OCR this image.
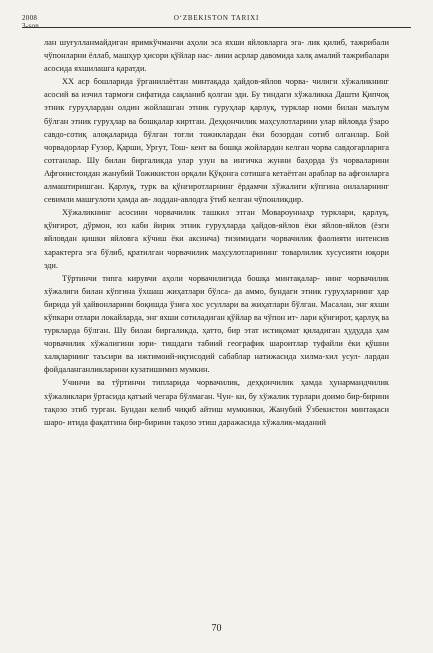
2008
3-son
O‘ZBEKISTON TARIXI

лан шуғулланмайдиган яримкўчманчи аҳоли эса яхши яйловларга эга- лик қилиб, тажрибали чўпонларни ёллаб, машҳур ҳисори қўйлар нас- лини асрлар давомида халқ амалий тажрибалари асосида яхшилашга қаратди.

XX аср бошларида ўрганилаётган минтақада ҳайдов-яйлов чорва- чилиги хўжаликнинг асосий ва изчил тармоғи сифатида сақланиб қолган эди. Бу тиндаги хўжаликка Дашти Қипчоқ этник гуруҳлардан олдин жойлашган этник гуруҳлар қарлуқ, турклар номи билан маълум бўлган этник гуруҳлар ва бошқалар киртган. Деҳқончилик маҳсулотларини улар яйловда ўзаро савдо-сотиқ алоқаларида бўлган тоғли тожиклардан ёки бозордан сотиб олганлар. Бой чорвадорлар Ғузор, Қарши, Ургут, Тош- кент ва бошқа жойлардан келган чорва савдогарларига сотганлар. Шу билан биргаликда улар узун ва ингичка жунни баҳорда ўз чорваларини Афғонистондан жанубий Тожикистон орқали Қўқонга сотишга кетаётган араблар ва афғонларга алмаштиришган. Қарлуқ, турк ва қўнғиротларнинг ёрдамчи хўжалиги кўпгина оилаларнинг севимли машғулоти ҳамда ав- лоддан-авлодга ўтиб келган чўпонликдир.

Хўжаликнинг асосини чорвачилик ташкил этган Мовароуннаҳр турклари, қарлуқ, қўнғирот, дўрмон, юз каби йирик этник гуруҳларда ҳайдов-яйлов ёки яйлов-яйлов (ёзги яйловдан қишки яйловга кўчиш ёки аксинча) тизимидаги чорвачилик фаолияти интенсив характерга эга бўлиб, қратилган чорвачилик маҳсулотларининг товарлилик хусусияти юқори эди.

Тўртинчи типга кирувчи аҳоли чорвачилигида бошқа минтақалар- нинг чорвачилик хўжалиги билан кўпгина ўхшаш жиҳатлари бўлса- да аммо, бундаги этник гуруҳларнинг ҳар бирида уй ҳайвонларини боқишда ўзига хос усуллари ва жиҳатлари бўлган. Масалан, энг яхши кўпкари отлари локайларда, энг яхши сотиладиган қўйлар ва чўпон ит- лари қўнғирот, қарлуқ ва туркларда бўлган. Шу билан биргаликда, ҳатто, бир этат истиқомат қиладиган ҳудудда ҳам чорвачилик хўжалигини юри- тишдаги табиий географик шароитлар туфайли ёки қўшни халқларнинг таъсири ва ижтимоий-иқтисодий сабаблар натижасида хилма-хил усул- лардан фойдаланганликларини кузатишимиз мумкин.

Учинчи ва тўртинчи типларида чорвачилик, деҳқончилик ҳамда ҳунармандчилик хўжаликлари ўртасида қатъий чегара бўлмаган. Чун- ки, бу хўжалик турлари доимо бир-бирини тақозо этиб турган. Бундан келиб чиқиб айтиш мумкинки, Жанубий Ўзбекистон минтақаси шаро- итида фақатгина бир-бирини тақозо этиш даражасида хўжалик-маданий

70
